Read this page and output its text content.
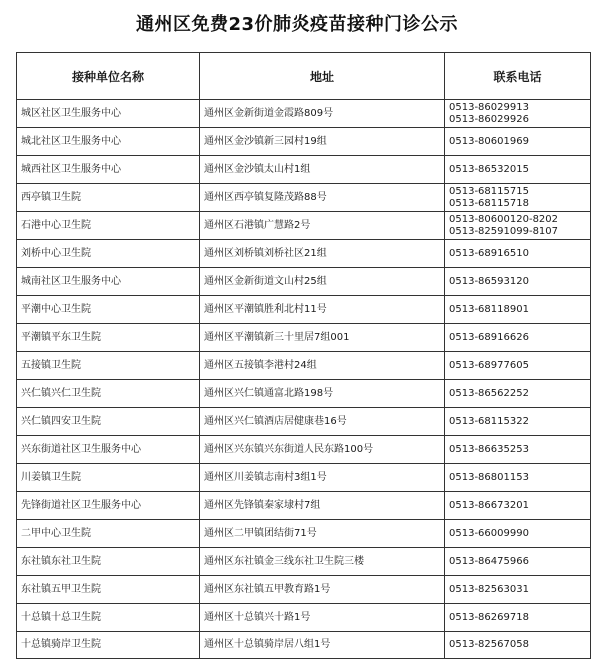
通州区免费23价肺炎疫苗接种门诊公示
接种单位名称	地址	联系电话
城区社区卫生服务中心	通州区金新街道金霞路809号	0513-86029913
0513-86029926

城北社区卫生服务中心	通州区金沙镇新三园村19组	0513-80601969

城西社区卫生服务中心	通州区金沙镇太山村1组	0513-86532015

西亭镇卫生院	通州区西亭镇复隆茂路88号	0513-68115715
0513-68115718

石港中心卫生院	通州区石港镇广慧路2号	0513-80600120-8202
0513-82591099-8107

刘桥中心卫生院	通州区刘桥镇刘桥社区21组	0513-68916510

城南社区卫生服务中心	通州区金新街道文山村25组	0513-86593120

平潮中心卫生院	通州区平潮镇胜利北村11号	0513-68118901

平潮镇平东卫生院	通州区平潮镇新三十里居7组001	0513-68916626

五接镇卫生院	通州区五接镇李港村24组	0513-68977605

兴仁镇兴仁卫生院	通州区兴仁镇通富北路198号	0513-86562252

兴仁镇四安卫生院	通州区兴仁镇酒店居健康巷16号	0513-68115322

兴东街道社区卫生服务中心	通州区兴东镇兴东街道人民东路100号	0513-86635253

川姜镇卫生院	通州区川姜镇志南村3组1号	0513-86801153

先锋街道社区卫生服务中心	通州区先锋镇秦家埭村7组	0513-86673201

二甲中心卫生院	通州区二甲镇团结街71号	0513-66009990

东社镇东社卫生院	通州区东社镇金三线东社卫生院三楼	0513-86475966

东社镇五甲卫生院	通州区东社镇五甲教育路1号	0513-82563031

十总镇十总卫生院	通州区十总镇兴十路1号	0513-86269718

十总镇骑岸卫生院	通州区十总镇骑岸居八组1号	0513-82567058
